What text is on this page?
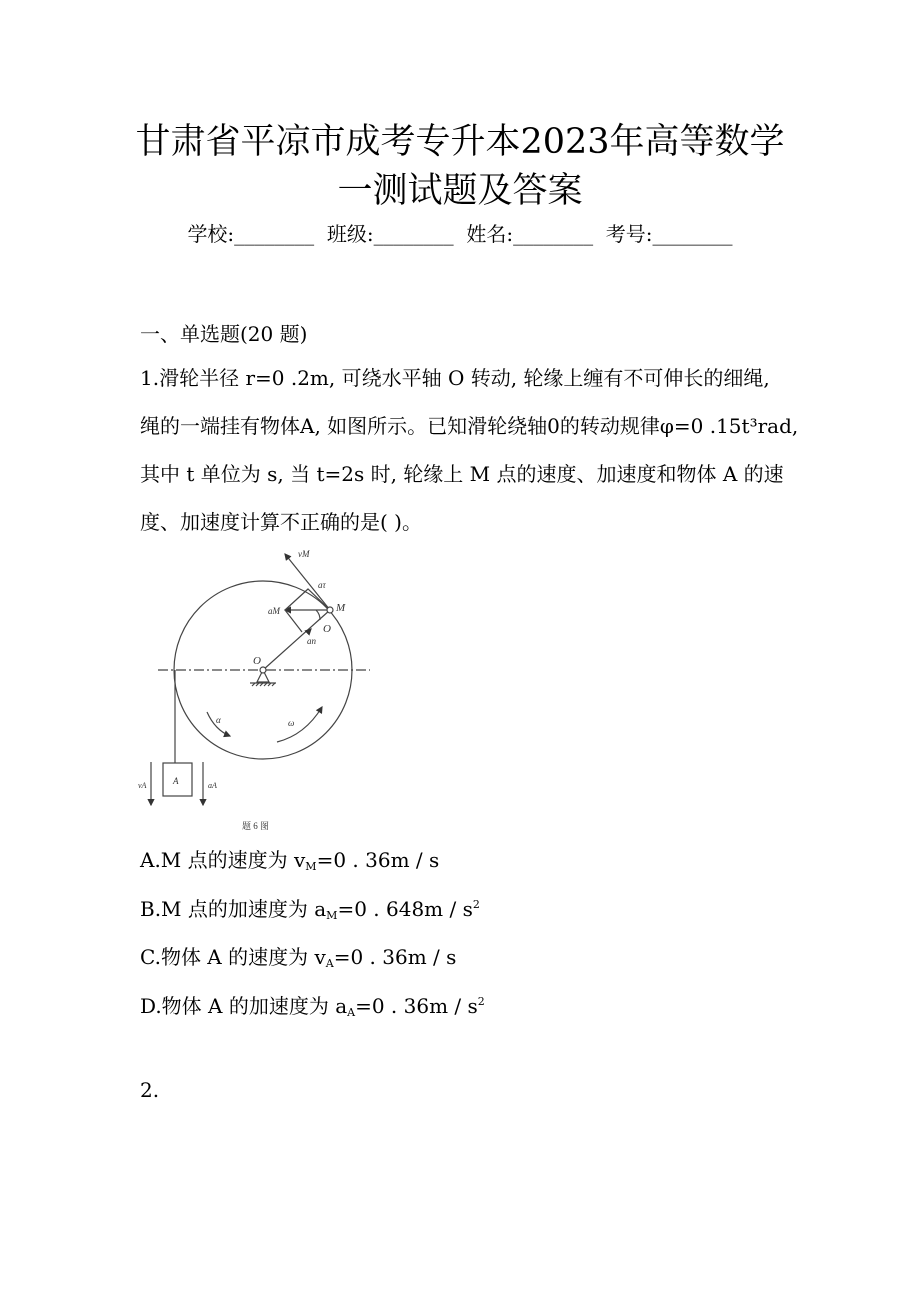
甘肃省平凉市成考专升本2023年高等数学
一测试题及答案
学校:________  班级:________  姓名:________  考号:________
一、单选题(20 题)
1.滑轮半径 r=0 .2m, 可绕水平轴 O 转动, 轮缘上缠有不可伸长的细绳,
绳的一端挂有物体A, 如图所示。已知滑轮绕轴0的转动规律φ=0 .15t³rad,
其中 t 单位为 s, 当 t=2s 时, 轮缘上 M 点的速度、加速度和物体 A 的速
度、加速度计算不正确的是( )。
vM
aτ
aM	M
O
an
O
α	ω
A
vA	aA
题 6 图
A.M 点的速度为 $v_M=0$ . 36m / s
B.M 点的加速度为 $a_M=0$ . $648m / s^2$
C.物体 A 的速度为 $v_A=0$ . 36m / s
D.物体 A 的加速度为 $a_A=0$ . $36m / s^2$
2.
